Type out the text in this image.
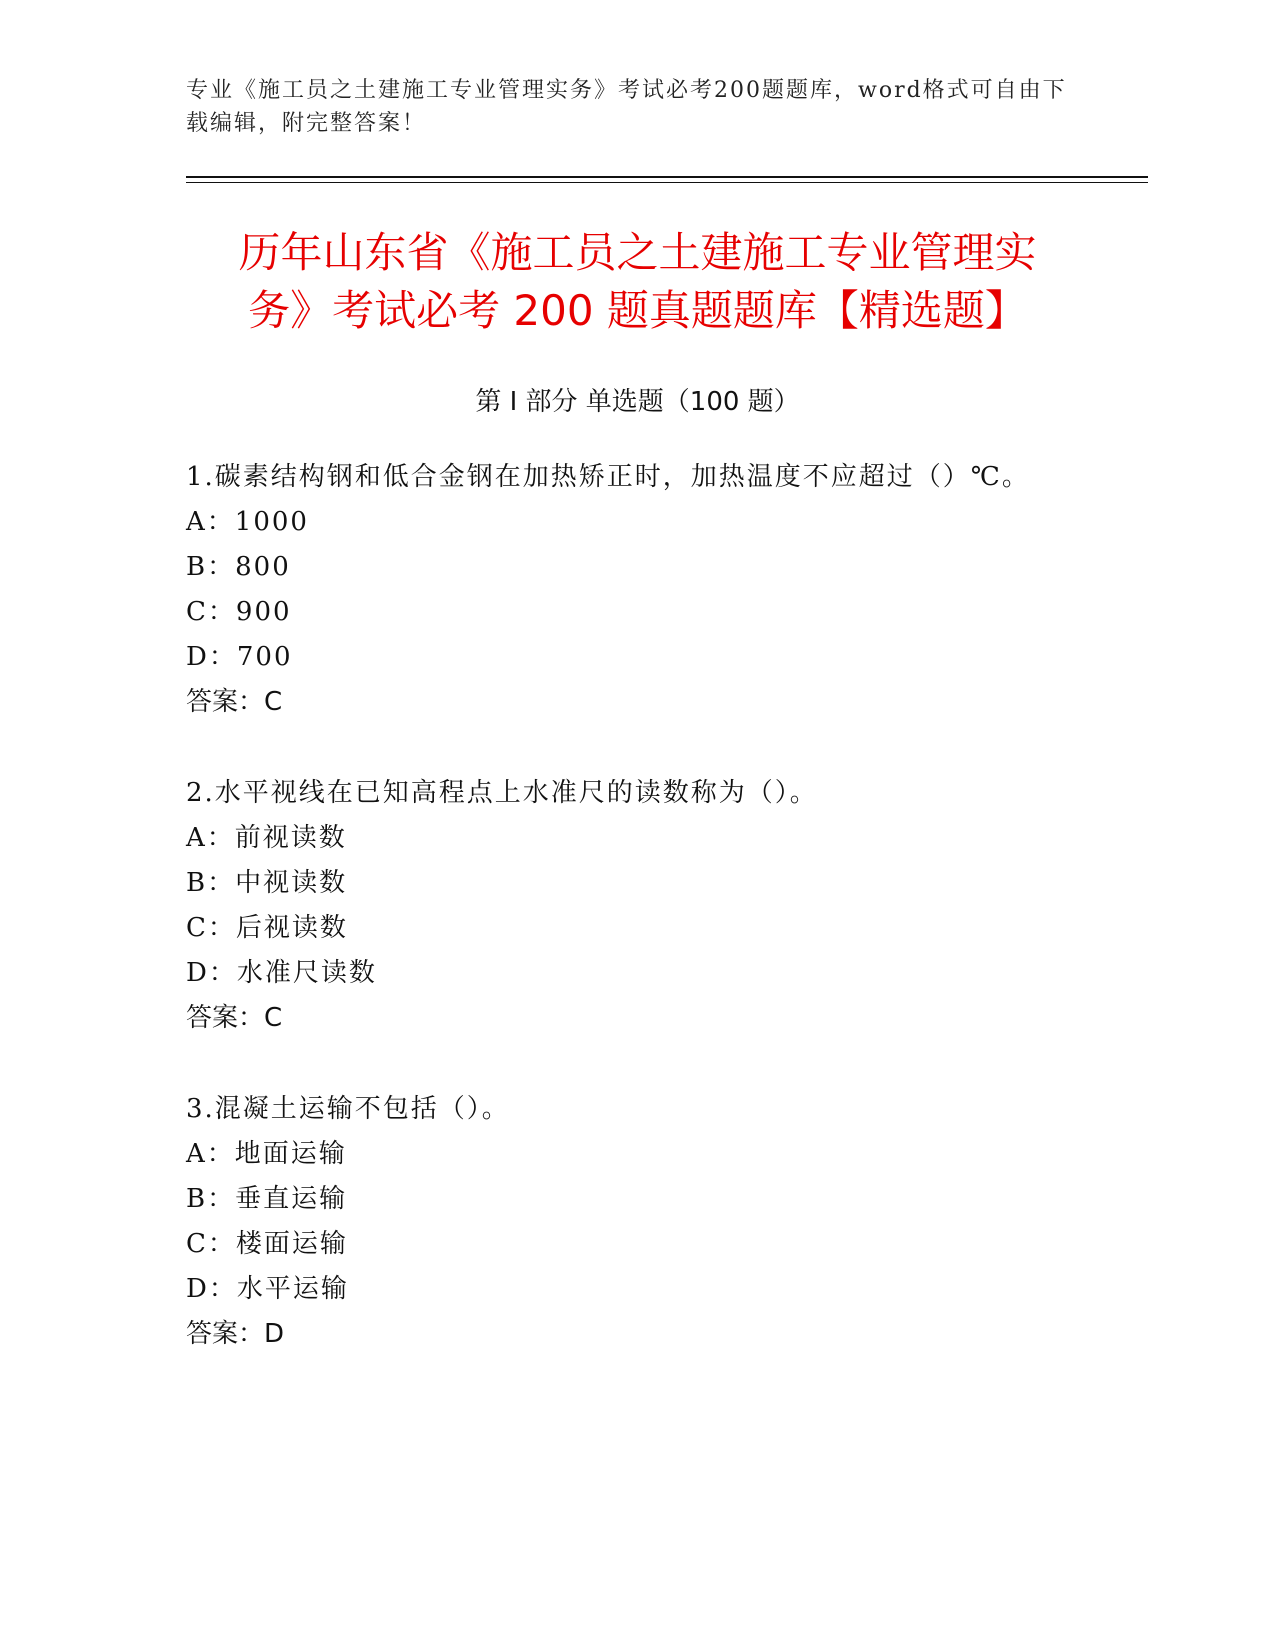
专业《施工员之土建施工专业管理实务》考试必考200题题库，word格式可自由下载编辑，附完整答案！
历年山东省《施工员之土建施工专业管理实
务》考试必考 200 题真题题库【精选题】
第 I 部分 单选题（100 题）
1.碳素结构钢和低合金钢在加热矫正时，加热温度不应超过（）℃。
A：1000
B：800
C：900
D：700
答案：C
2.水平视线在已知高程点上水准尺的读数称为（）。
A：前视读数
B：中视读数
C：后视读数
D：水准尺读数
答案：C
3.混凝土运输不包括（）。
A：地面运输
B：垂直运输
C：楼面运输
D：水平运输
答案：D
